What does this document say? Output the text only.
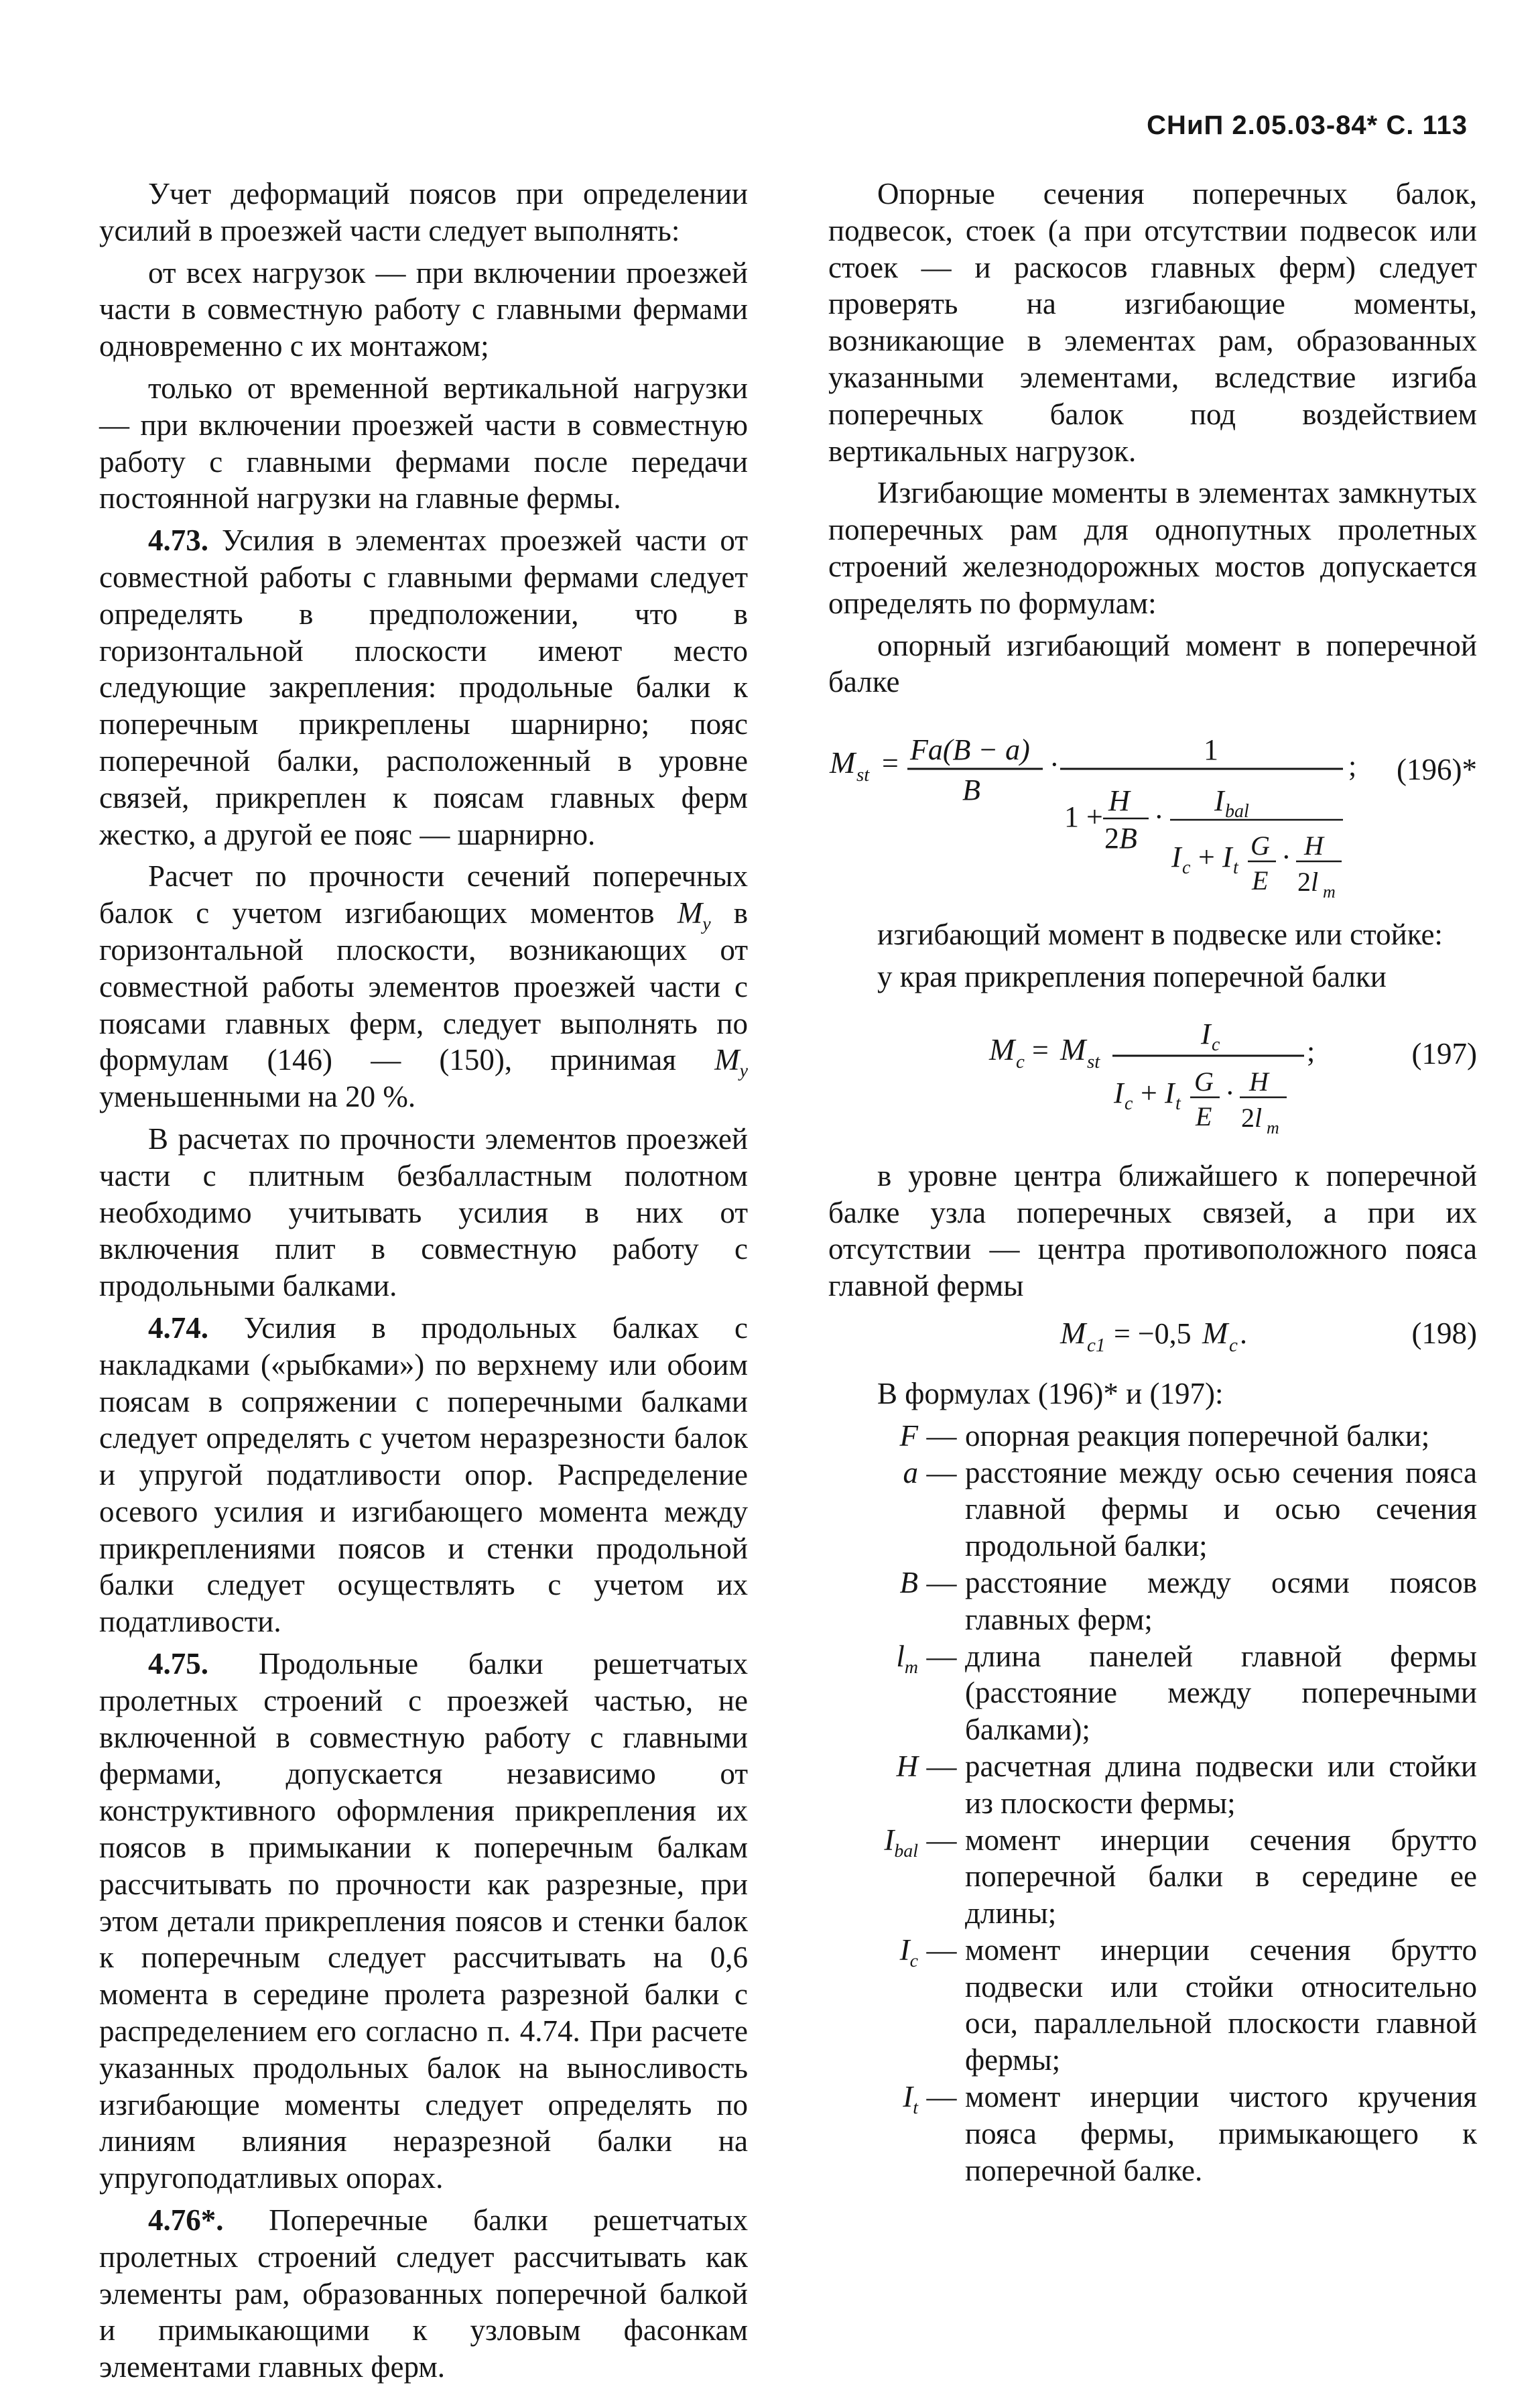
СНиП 2.05.03-84* С. 113

Учет деформаций поясов при определении усилий в проезжей части следует выполнять:

от всех нагрузок — при включении проезжей части в совместную работу с главными фермами одновременно с их монтажом;

только от временной вертикальной нагрузки — при включении проезжей части в совместную работу с главными фермами после передачи постоянной нагрузки на главные фермы.

4.73. Усилия в элементах проезжей части от совместной работы с главными фермами следует определять в предположении, что в горизонтальной плоскости имеют место следующие закрепления: продольные балки к поперечным прикреплены шарнирно; пояс поперечной балки, расположенный в уровне связей, прикреплен к поясам главных ферм жестко, а другой ее пояс — шарнирно.

Расчет по прочности сечений поперечных балок с учетом изгибающих моментов $M_y$ в горизонтальной плоскости, возникающих от совместной работы элементов проезжей части с поясами главных ферм, следует выполнять по формулам (146) — (150), принимая $M_y$ уменьшенными на 20 %.

В расчетах по прочности элементов проезжей части с плитным безбалластным полотном необходимо учитывать усилия в них от включения плит в совместную работу с продольными балками.

4.74. Усилия в продольных балках с накладками («рыбками») по верхнему или обоим поясам в сопряжении с поперечными балками следует определять с учетом неразрезности балок и упругой податливости опор. Распределение осевого усилия и изгибающего момента между прикреплениями поясов и стенки продольной балки следует осуществлять с учетом их податливости.

4.75. Продольные балки решетчатых пролетных строений с проезжей частью, не включенной в совместную работу с главными фермами, допускается независимо от конструктивного оформления прикрепления их поясов в примыкании к поперечным балкам рассчитывать по прочности как разрезные, при этом детали прикрепления поясов и стенки балок к поперечным следует рассчитывать на 0,6 момента в середине пролета разрезной балки с распределением его согласно п. 4.74. При расчете указанных продольных балок на выносливость изгибающие моменты следует определять по линиям влияния неразрезной балки на упругоподатливых опорах.

4.76*. Поперечные балки решетчатых пролетных строений следует рассчитывать как элементы рам, образованных поперечной балкой и примыкающими к узловым фасонкам элементами главных ферм.

Опорные сечения поперечных балок, подвесок, стоек (а при отсутствии подвесок или стоек — и раскосов главных ферм) следует проверять на изгибающие моменты, возникающие в элементах рам, образованных указанными элементами, вследствие изгиба поперечных балок под воздействием вертикальных нагрузок.

Изгибающие моменты в элементах замкнутых поперечных рам для однопутных пролетных строений железнодорожных мостов допускается определять по формулам:

опорный изгибающий момент в поперечной балке

M st = Fa(B − a)
B
·	1
1 + H
2B
· I bal
I c + I t
G
E
· H
2l m
; (196)*

изгибающий момент в подвеске или стойке:

у края прикрепления поперечной балки

M c = M st
I c
I c + I t
G
E
· H
2l m
;	(197)

в уровне центра ближайшего к поперечной балке узла поперечных связей, а при их отсутствии — центра противоположного пояса главной фермы

M c1 = −0,5 M c .	(198)

В формулах (196)* и (197):

F — опорная реакция поперечной балки;
a — расстояние между осью сечения пояса главной фермы и осью сечения продольной балки;
B — расстояние между осями поясов главных ферм;
$l_m$ — длина панелей главной фермы (расстояние между поперечными балками);
H — расчетная длина подвески или стойки из плоскости фермы;
$I_{bal}$ — момент инерции сечения брутто поперечной балки в середине ее длины;
$I_c$ — момент инерции сечения брутто подвески или стойки относительно оси, параллельной плоскости главной фермы;
$I_t$ — момент инерции чистого кручения пояса фермы, примыкающего к поперечной балке.
